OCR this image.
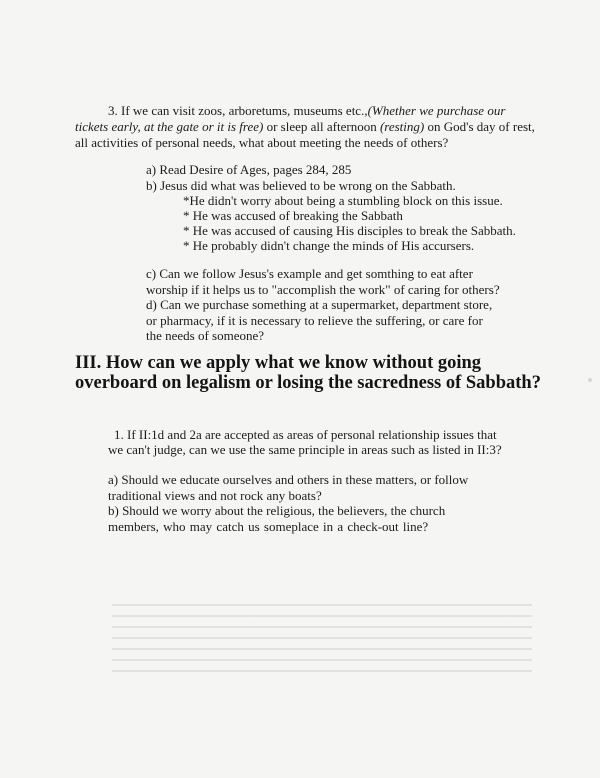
3. If we can visit zoos, arboretums, museums etc.,(Whether we purchase our tickets early, at the gate or it is free) or sleep all afternoon (resting) on God's day of rest, all activities of personal needs, what about meeting the needs of others?
a) Read Desire of Ages, pages 284, 285
b) Jesus did what was believed to be wrong on the Sabbath.
*He didn't worry about being a stumbling block on this issue.
* He was accused of breaking the Sabbath
* He was accused of causing His disciples to break the Sabbath.
* He probably didn't change the minds of His accursers.
c) Can we follow Jesus's example and get somthing to eat after
worship if it helps us to "accomplish the work" of caring for others?
d) Can we purchase something at a supermarket, department store,
or pharmacy, if it is necessary to relieve the suffering, or care for
the needs of someone?
III. How can we apply what we know without going overboard on legalism or losing the sacredness of Sabbath?
1. If II:1d and 2a are accepted as areas of personal relationship issues that
we can't judge, can we use the same principle in areas such as listed in II:3?
a) Should we educate ourselves and others in these matters, or follow
traditional views and not rock any boats?
b) Should we worry about the religious, the believers, the church
members, who may catch us someplace in a check-out line?
